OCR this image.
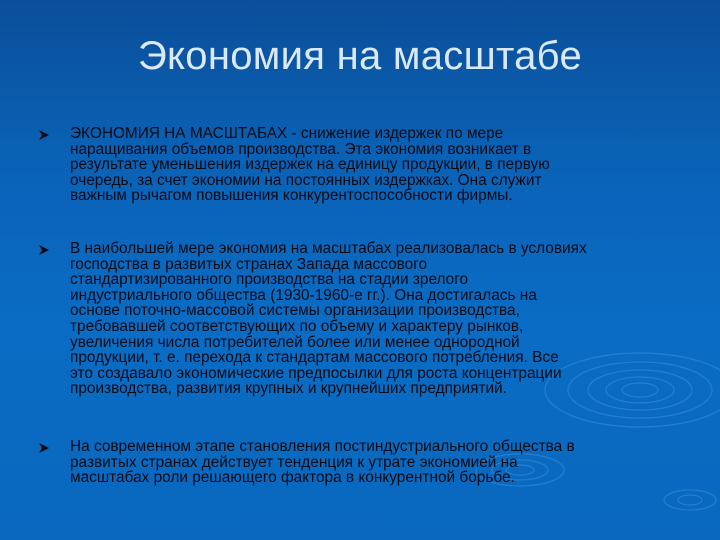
Экономия на масштабе
ЭКОНОМИЯ НА МАСШТАБАХ - снижение издержек по мере
наращивания объемов производства. Эта экономия возникает в
результате уменьшения издержек на единицу продукции, в первую
очередь, за счет экономии на постоянных издержках. Она служит
важным рычагом повышения конкурентоспособности фирмы.
В наибольшей мере экономия на масштабах реализовалась в условиях
господства в развитых странах Запада массового
стандартизированного производства на стадии зрелого
индустриального общества (1930-1960-е гг.). Она достигалась на
основе поточно-массовой системы организации производства,
требовавшей соответствующих по объему и характеру рынков,
увеличения числа потребителей более или менее однородной
продукции, т. е. перехода к стандартам массового потребления. Все
это создавало экономические предпосылки для роста концентрации
производства, развития крупных и крупнейших предприятий.
На современном этапе становления постиндустриального общества в
развитых странах действует тенденция к утрате экономией на
масштабах роли решающего фактора в конкурентной борьбе.
